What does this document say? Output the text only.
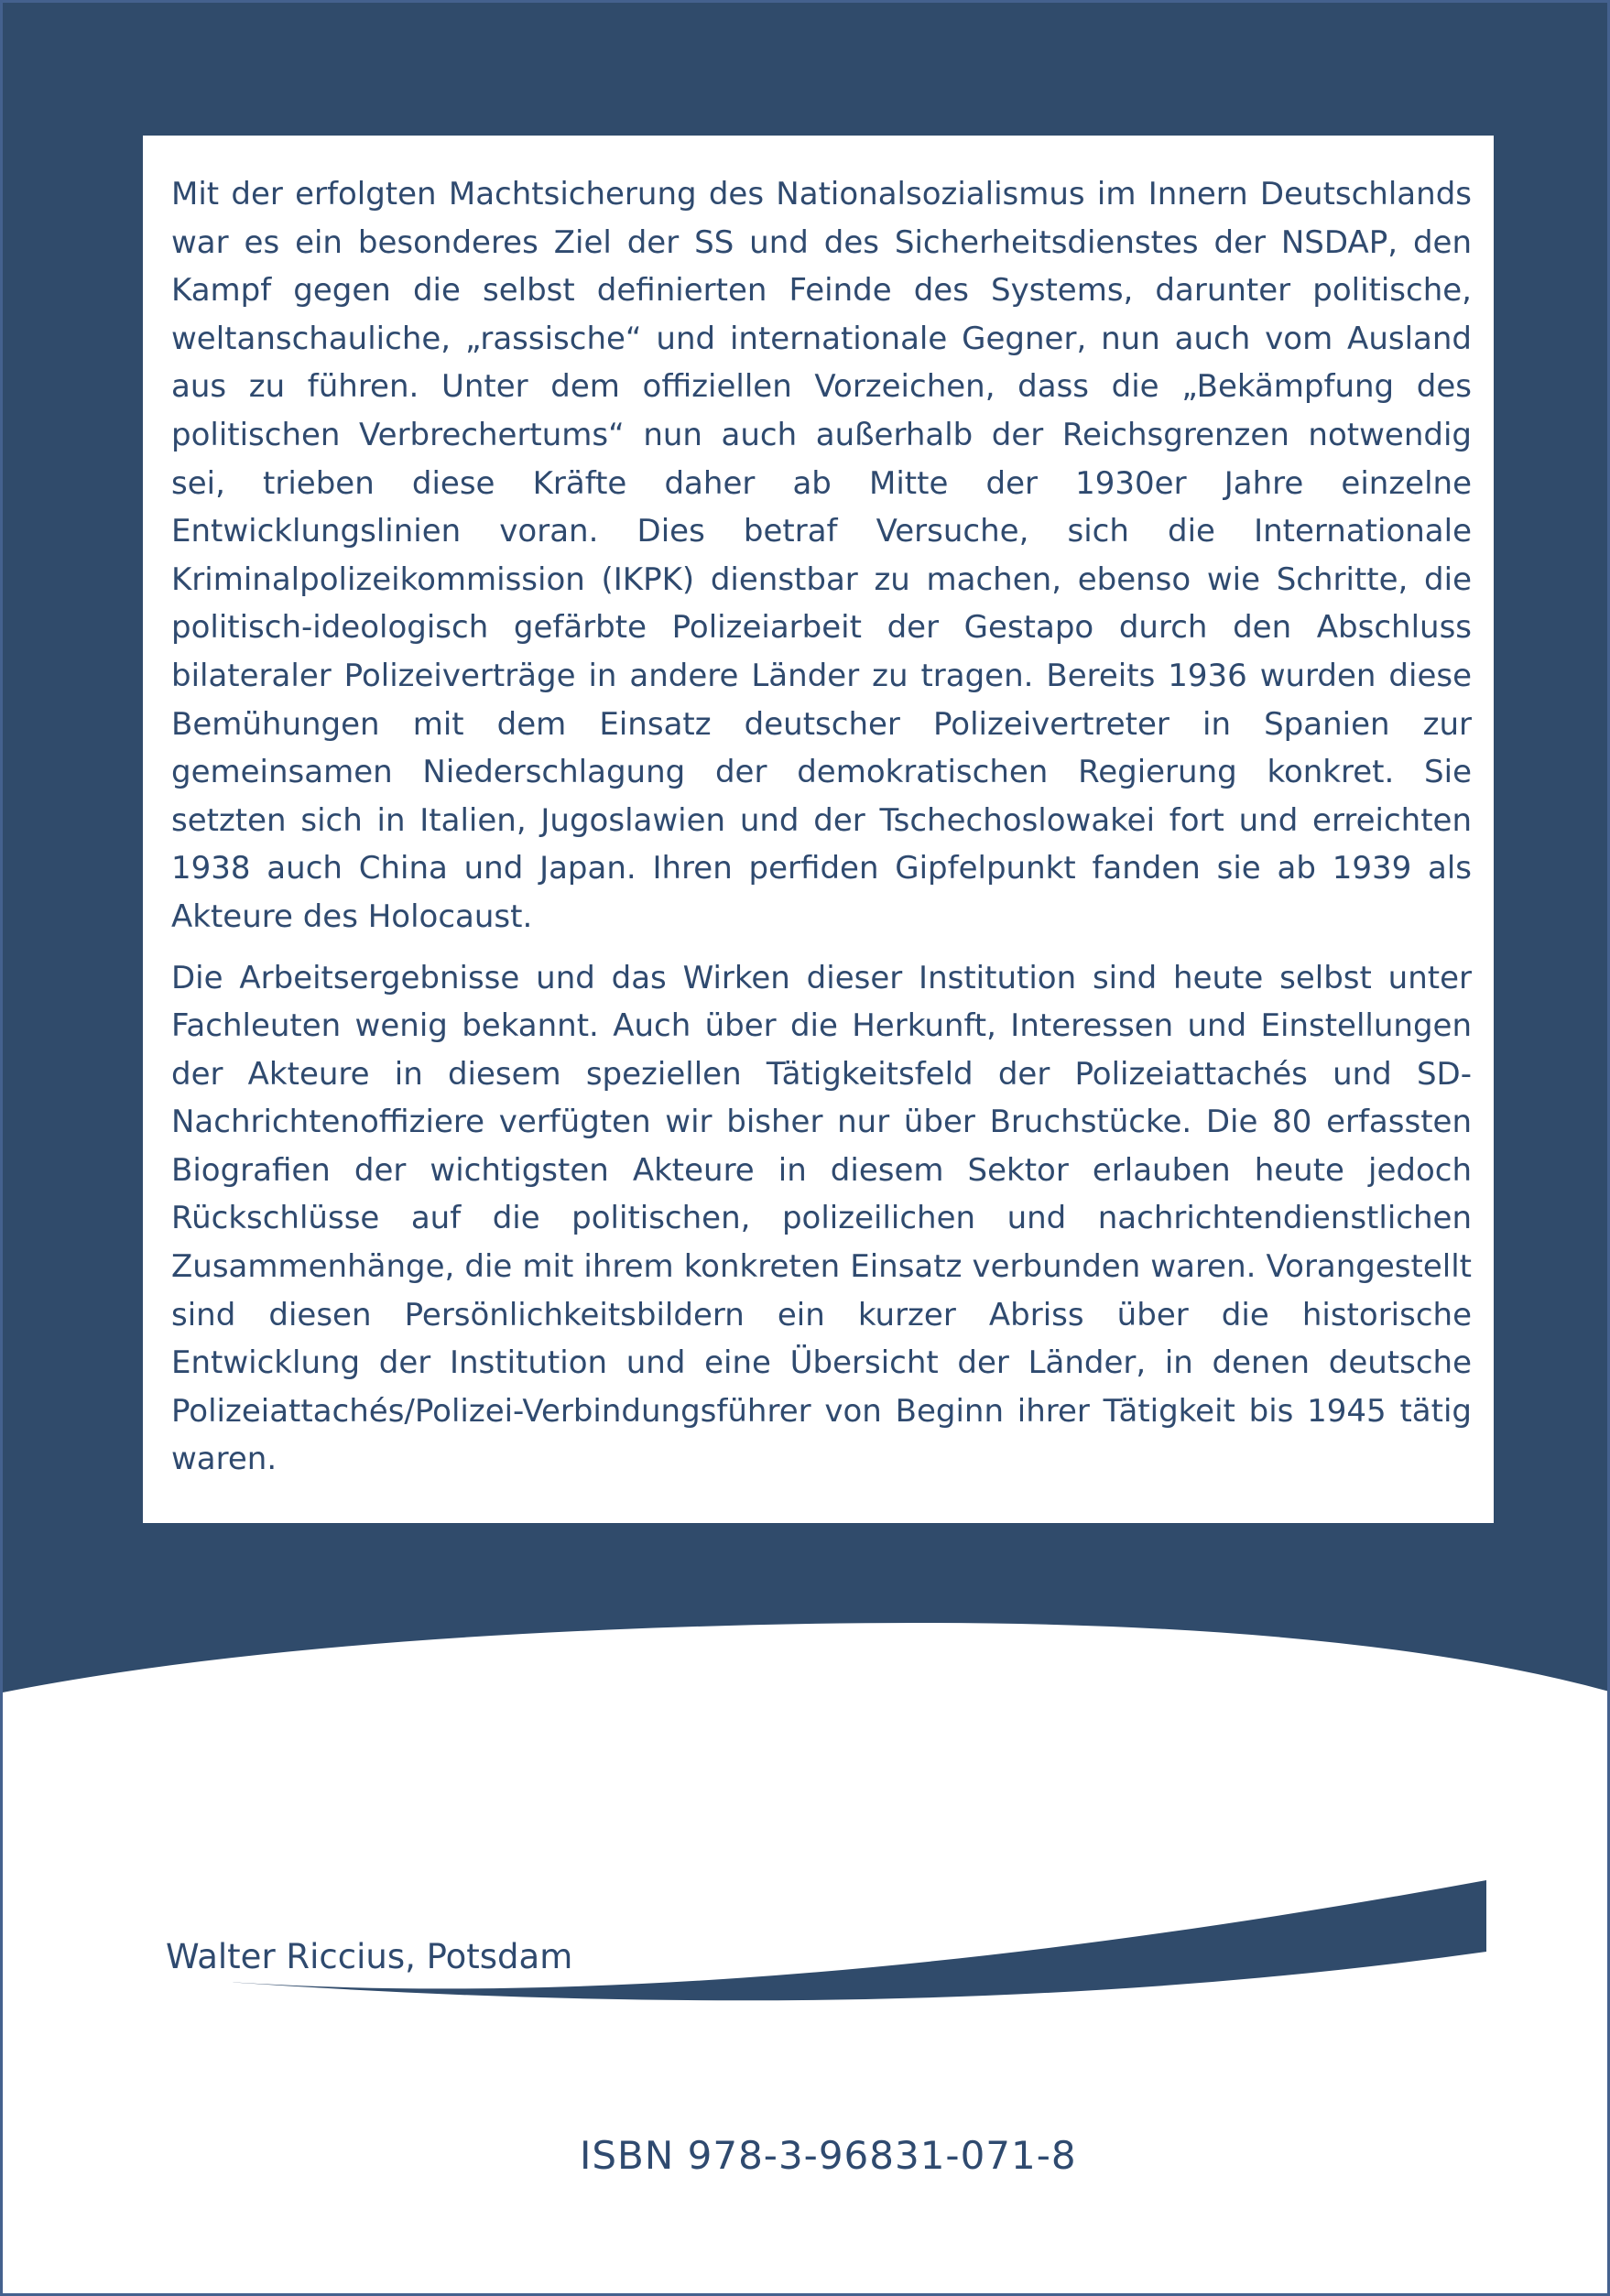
Mit der erfolgten Machtsicherung des Nationalsozialismus im Innern Deutschlands war es ein besonderes Ziel der SS und des Sicherheitsdienstes der NSDAP, den Kampf gegen die selbst definierten Feinde des Systems, darunter politische, weltanschauliche, „rassische“ und internationale Gegner, nun auch vom Ausland aus zu führen. Unter dem offiziellen Vorzeichen, dass die „Bekämpfung des politischen Verbrechertums“ nun auch außerhalb der Reichsgrenzen notwendig sei, trieben diese Kräfte daher ab Mitte der 1930er Jahre einzelne Entwicklungslinien voran. Dies betraf Versuche, sich die Internationale Kriminalpolizeikommission (IKPK) dienstbar zu machen, ebenso wie Schritte, die politisch-ideologisch gefärbte Polizeiarbeit der Gestapo durch den Abschluss bilateraler Polizeiverträge in andere Länder zu tragen. Bereits 1936 wurden diese Bemühungen mit dem Einsatz deutscher Polizeivertreter in Spanien zur gemeinsamen Niederschlagung der demokratischen Regierung konkret. Sie setzten sich in Italien, Jugoslawien und der Tschechoslowakei fort und erreichten 1938 auch China und Japan. Ihren perfiden Gipfelpunkt fanden sie ab 1939 als Akteure des Holocaust.

Die Arbeitsergebnisse und das Wirken dieser Institution sind heute selbst unter Fachleuten wenig bekannt. Auch über die Herkunft, Interessen und Einstellungen der Akteure in diesem speziellen Tätigkeitsfeld der Polizeiattachés und SD-Nachrichtenoffiziere verfügten wir bisher nur über Bruchstücke. Die 80 erfassten Biografien der wichtigsten Akteure in diesem Sektor erlauben heute jedoch Rückschlüsse auf die politischen, polizeilichen und nachrichtendienstlichen Zusammenhänge, die mit ihrem konkreten Einsatz verbunden waren. Vorangestellt sind diesen Persönlichkeitsbildern ein kurzer Abriss über die historische Entwicklung der Institution und eine Übersicht der Länder, in denen deutsche Polizeiattachés/Polizei-Verbindungsführer von Beginn ihrer Tätigkeit bis 1945 tätig waren.

Walter Riccius, Potsdam
ISBN 978-3-96831-071-8
